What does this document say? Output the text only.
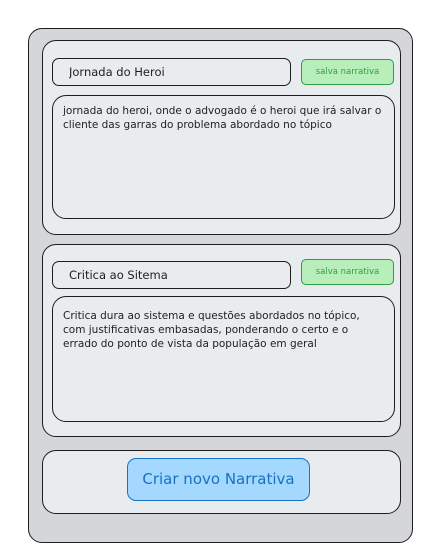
Jornada do Heroi
salva narrativa
jornada do heroi, onde o advogado é o heroi que irá salvar o cliente das garras do problema abordado no tópico
Critica ao Sitema
salva narrativa
Critica dura ao sistema e questões abordados no tópico, com justificativas embasadas, ponderando o certo e o errado do ponto de vista da população em geral
Criar novo Narrativa
